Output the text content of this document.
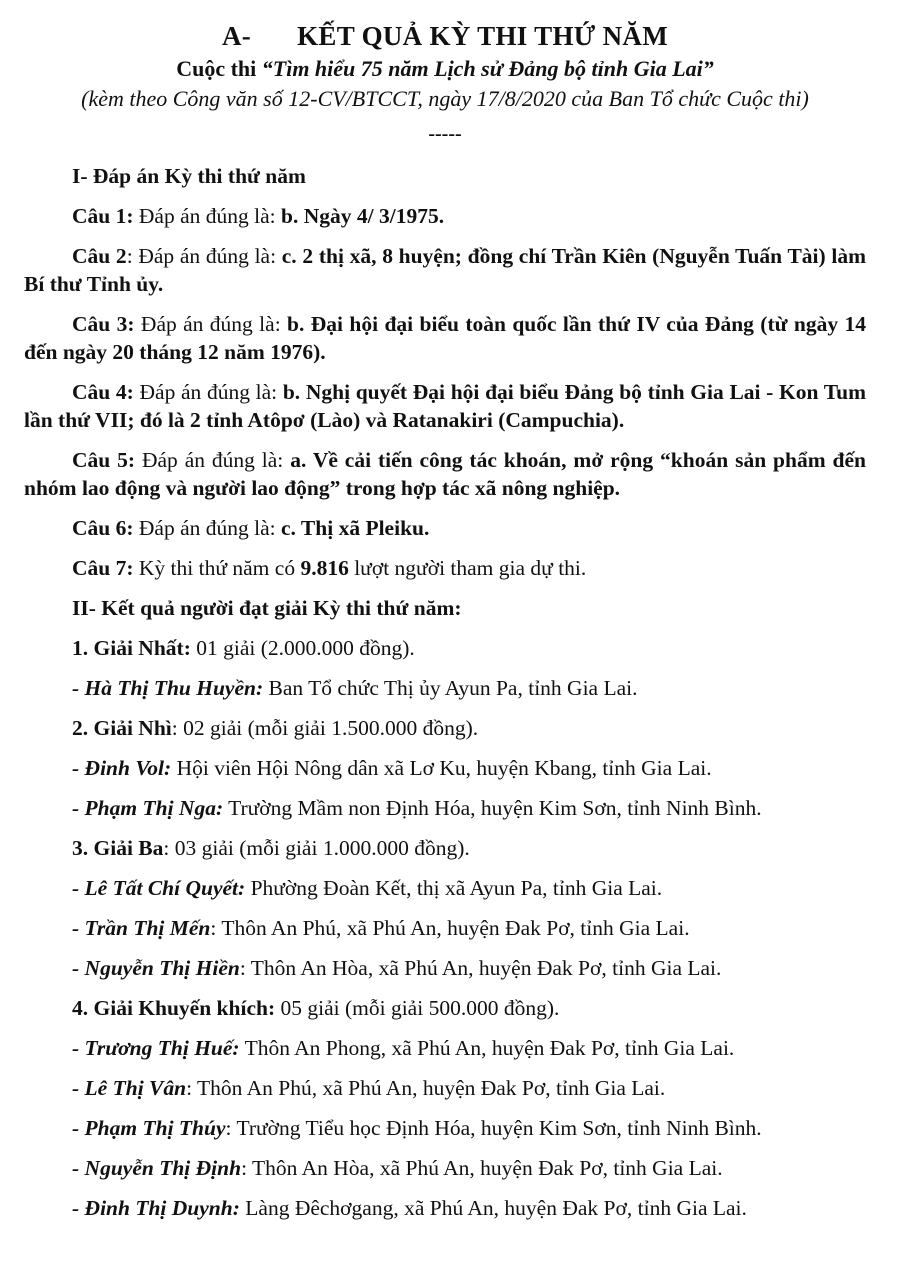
A- KẾT QUẢ KỲ THI THỨ NĂM
Cuộc thi “Tìm hiểu 75 năm Lịch sử Đảng bộ tỉnh Gia Lai”
(kèm theo Công văn số 12-CV/BTCCT, ngày 17/8/2020 của Ban Tổ chức Cuộc thi)
-----

I- Đáp án Kỳ thi thứ năm

Câu 1: Đáp án đúng là: b. Ngày 4/ 3/1975.

Câu 2: Đáp án đúng là: c. 2 thị xã, 8 huyện; đồng chí Trần Kiên (Nguyễn Tuấn Tài) làm Bí thư Tỉnh ủy.

Câu 3: Đáp án đúng là: b. Đại hội đại biểu toàn quốc lần thứ IV của Đảng (từ ngày 14 đến ngày 20 tháng 12 năm 1976).

Câu 4: Đáp án đúng là: b. Nghị quyết Đại hội đại biểu Đảng bộ tỉnh Gia Lai - Kon Tum lần thứ VII; đó là 2 tỉnh Atôpơ (Lào) và Ratanakiri (Campuchia).

Câu 5: Đáp án đúng là: a. Về cải tiến công tác khoán, mở rộng “khoán sản phẩm đến nhóm lao động và người lao động” trong hợp tác xã nông nghiệp.

Câu 6: Đáp án đúng là: c. Thị xã Pleiku.

Câu 7: Kỳ thi thứ năm có 9.816 lượt người tham gia dự thi.

II- Kết quả người đạt giải Kỳ thi thứ năm:

1. Giải Nhất: 01 giải (2.000.000 đồng).

- Hà Thị Thu Huyền: Ban Tổ chức Thị ủy Ayun Pa, tỉnh Gia Lai.

2. Giải Nhì: 02 giải (mỗi giải 1.500.000 đồng).

- Đinh Vol: Hội viên Hội Nông dân xã Lơ Ku, huyện Kbang, tỉnh Gia Lai.

- Phạm Thị Nga: Trường Mầm non Định Hóa, huyện Kim Sơn, tỉnh Ninh Bình.

3. Giải Ba: 03 giải (mỗi giải 1.000.000 đồng).

- Lê Tất Chí Quyết: Phường Đoàn Kết, thị xã Ayun Pa, tỉnh Gia Lai.

- Trần Thị Mến: Thôn An Phú, xã Phú An, huyện Đak Pơ, tỉnh Gia Lai.

- Nguyễn Thị Hiền: Thôn An Hòa, xã Phú An, huyện Đak Pơ, tỉnh Gia Lai.

4. Giải Khuyến khích: 05 giải (mỗi giải 500.000 đồng).

- Trương Thị Huế: Thôn An Phong, xã Phú An, huyện Đak Pơ, tỉnh Gia Lai.

- Lê Thị Vân: Thôn An Phú, xã Phú An, huyện Đak Pơ, tỉnh Gia Lai.

- Phạm Thị Thúy: Trường Tiểu học Định Hóa, huyện Kim Sơn, tỉnh Ninh Bình.

- Nguyễn Thị Định: Thôn An Hòa, xã Phú An, huyện Đak Pơ, tỉnh Gia Lai.

- Đinh Thị Duynh: Làng Đêchơgang, xã Phú An, huyện Đak Pơ, tỉnh Gia Lai.
